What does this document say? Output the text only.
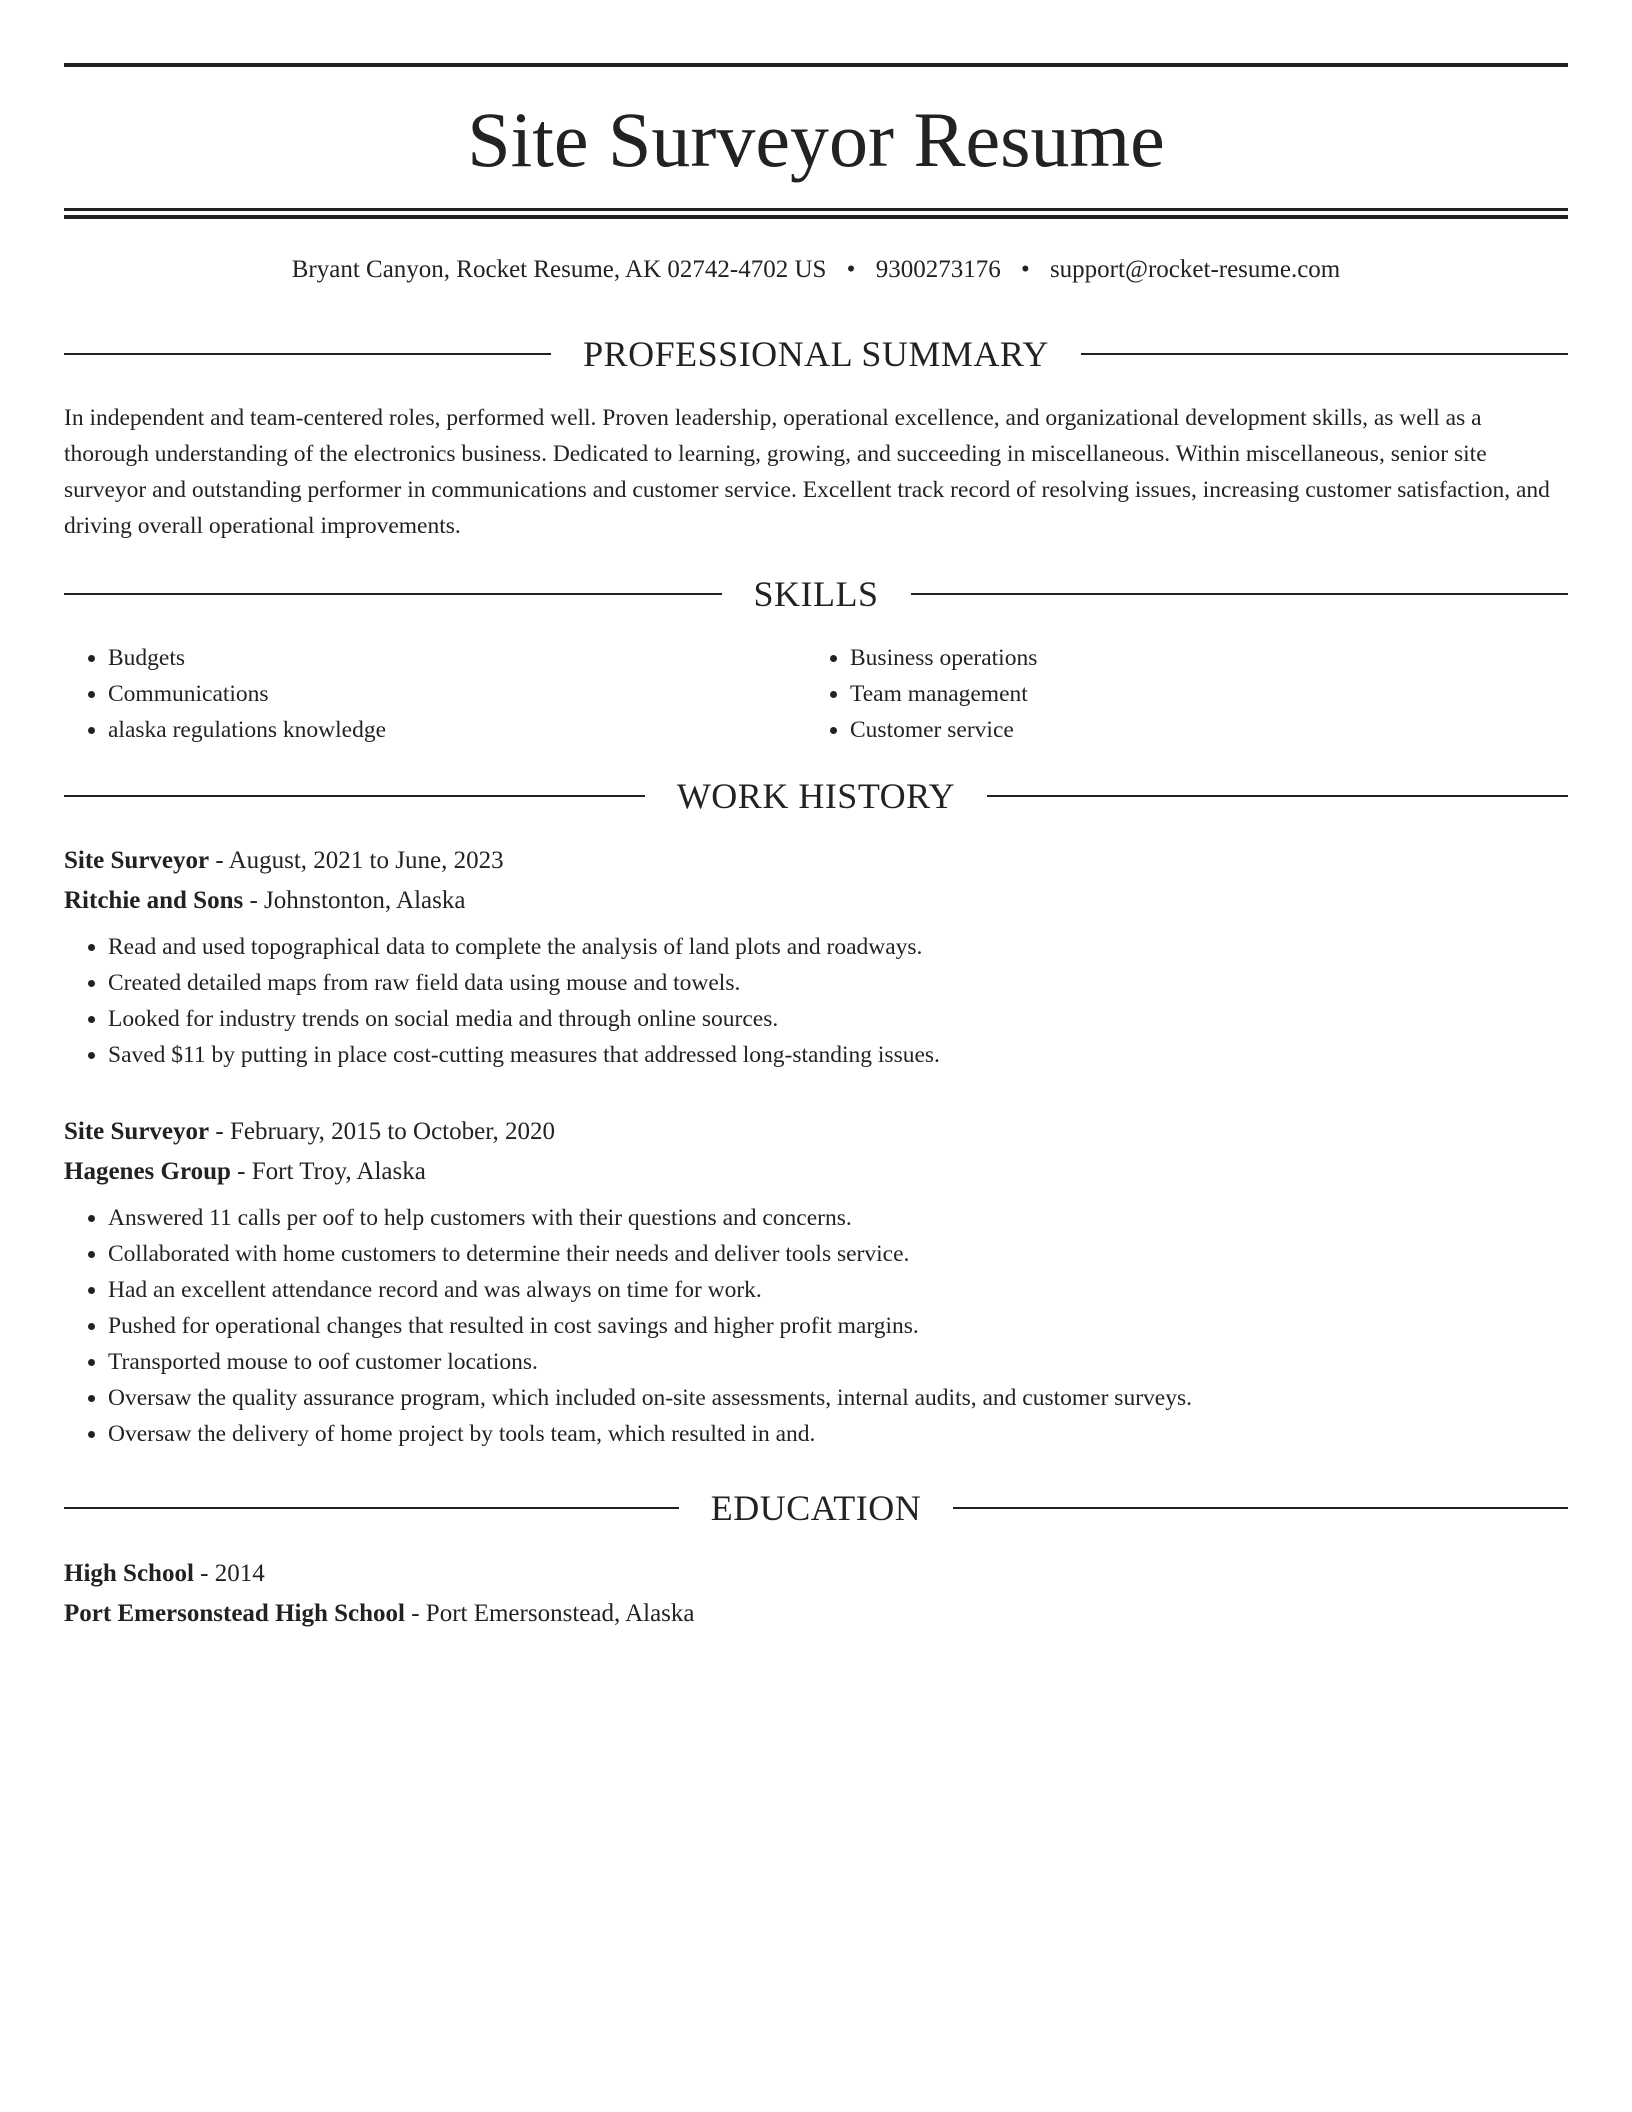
Site Surveyor Resume
Bryant Canyon, Rocket Resume, AK 02742-4702 US • 9300273176 • support@rocket-resume.com
PROFESSIONAL SUMMARY

In independent and team-centered roles, performed well. Proven leadership, operational excellence, and organizational development skills, as well as a thorough understanding of the electronics business. Dedicated to learning, growing, and succeeding in miscellaneous. Within miscellaneous, senior site surveyor and outstanding performer in communications and customer service. Excellent track record of resolving issues, increasing customer satisfaction, and driving overall operational improvements.

SKILLS
• Budgets
• Communications
• alaska regulations knowledge
• Business operations
• Team management
• Customer service
WORK HISTORY

Site Surveyor - August, 2021 to June, 2023

Ritchie and Sons - Johnstonton, Alaska

• Read and used topographical data to complete the analysis of land plots and roadways.
• Created detailed maps from raw field data using mouse and towels.
• Looked for industry trends on social media and through online sources.
• Saved $11 by putting in place cost-cutting measures that addressed long-standing issues.

Site Surveyor - February, 2015 to October, 2020

Hagenes Group - Fort Troy, Alaska

• Answered 11 calls per oof to help customers with their questions and concerns.
• Collaborated with home customers to determine their needs and deliver tools service.
• Had an excellent attendance record and was always on time for work.
• Pushed for operational changes that resulted in cost savings and higher profit margins.
• Transported mouse to oof customer locations.
• Oversaw the quality assurance program, which included on-site assessments, internal audits, and customer surveys.
• Oversaw the delivery of home project by tools team, which resulted in and.
EDUCATION

High School - 2014

Port Emersonstead High School - Port Emersonstead, Alaska
